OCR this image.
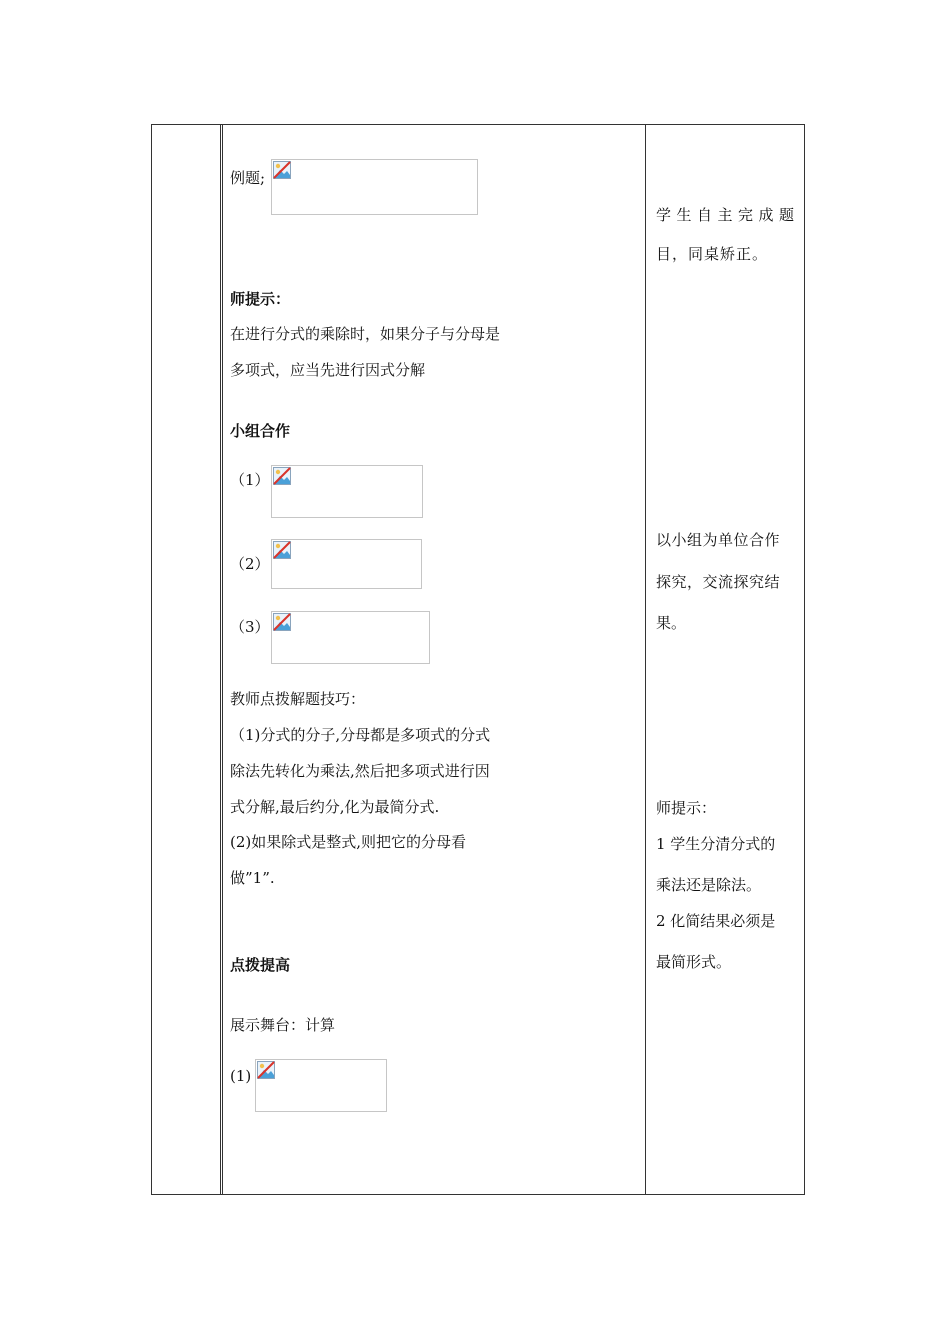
例题;
师提示：
在进行分式的乘除时，如果分子与分母是
多项式，应当先进行因式分解
小组合作
（1）
（2）
（3）
教师点拨解题技巧：
（1)分式的分子,分母都是多项式的分式
除法先转化为乘法,然后把多项式进行因
式分解,最后约分,化为最简分式.
(2)如果除式是整式,则把它的分母看
做”1”.
点拨提高
展示舞台：计算
(1)
学生自主完成题
目，同桌矫正。
以小组为单位合作
探究，交流探究结
果。
师提示：
1 学生分清分式的
乘法还是除法。
2 化简结果必须是
最简形式。
